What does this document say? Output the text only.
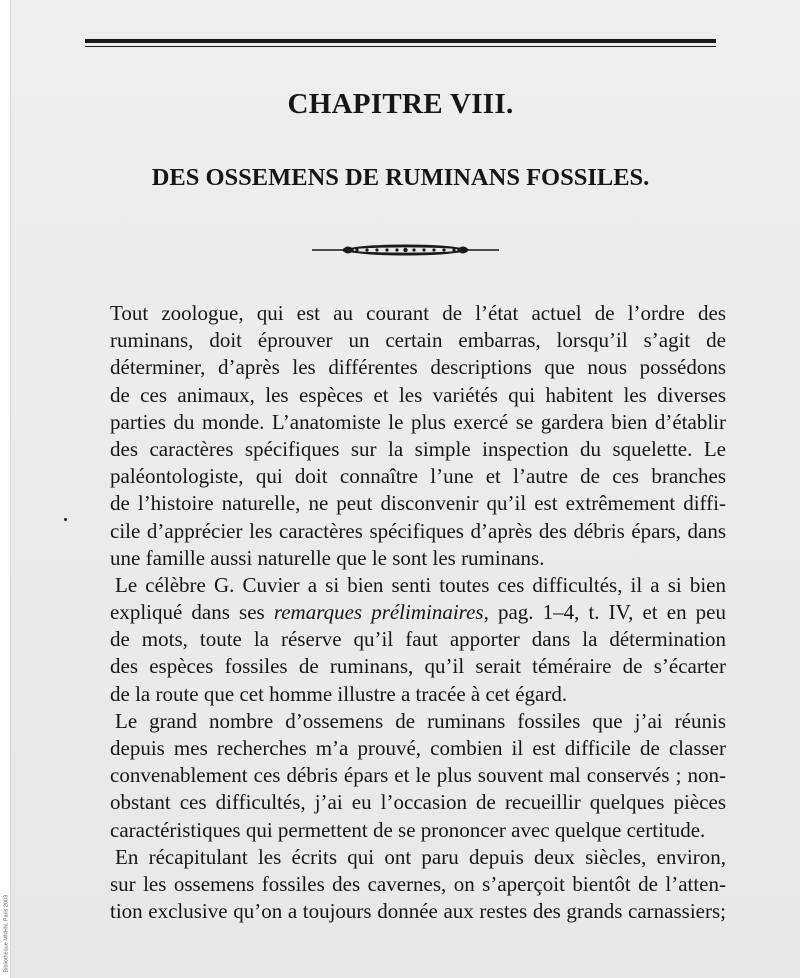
CHAPITRE VIII.
DES OSSEMENS DE RUMINANS FOSSILES.
Tout zoologue, qui est au courant de l’état actuel de l’ordre des
ruminans, doit éprouver un certain embarras, lorsqu’il s’agit de
déterminer, d’après les différentes descriptions que nous possédons
de ces animaux, les espèces et les variétés qui habitent les diverses
parties du monde. L’anatomiste le plus exercé se gardera bien d’établir
des caractères spécifiques sur la simple inspection du squelette. Le
paléontologiste, qui doit connaître l’une et l’autre de ces branches
de l’histoire naturelle, ne peut disconvenir qu’il est extrêmement diffi-
cile d’apprécier les caractères spécifiques d’après des débris épars, dans
une famille aussi naturelle que le sont les ruminans.
Le célèbre G. Cuvier a si bien senti toutes ces difficultés, il a si bien
expliqué dans ses remarques préliminaires, pag. 1–4, t. IV, et en peu
de mots, toute la réserve qu’il faut apporter dans la détermination
des espèces fossiles de ruminans, qu’il serait téméraire de s’écarter
de la route que cet homme illustre a tracée à cet égard.
Le grand nombre d’ossemens de ruminans fossiles que j’ai réunis
depuis mes recherches m’a prouvé, combien il est difficile de classer
convenablement ces débris épars et le plus souvent mal conservés ; non-
obstant ces difficultés, j’ai eu l’occasion de recueillir quelques pièces
caractéristiques qui permettent de se prononcer avec quelque certitude.
En récapitulant les écrits qui ont paru depuis deux siècles, environ,
sur les ossemens fossiles des cavernes, on s’aperçoit bientôt de l’atten-
tion exclusive qu’on a toujours donnée aux restes des grands carnassiers;
Bibliothèque MNHN, Paris 2003
